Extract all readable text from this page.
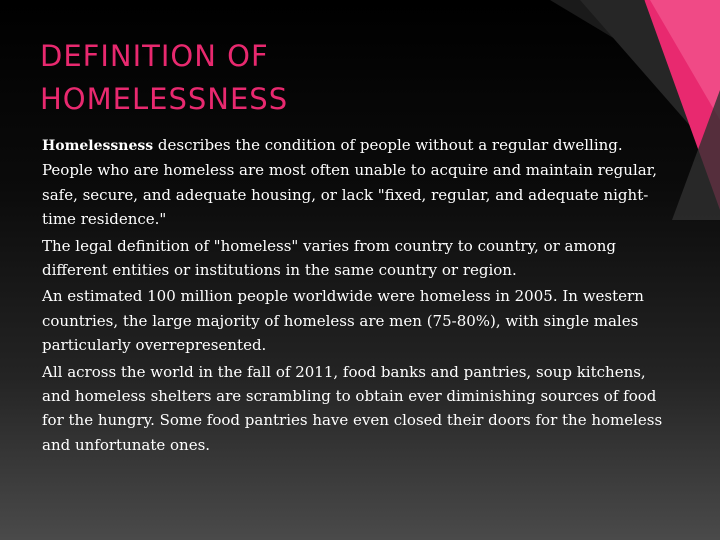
DEFINITION OF HOMELESSNESS
Homelessness describes the condition of people without a regular dwelling. People who are homeless are most often unable to acquire and maintain regular, safe, secure, and adequate housing, or lack "fixed, regular, and adequate night-time residence."
The legal definition of "homeless" varies from country to country, or among different entities or institutions in the same country or region.
An estimated 100 million people worldwide were homeless in 2005. In western countries, the large majority of homeless are men (75-80%), with single males particularly overrepresented.
All across the world in the fall of 2011, food banks and pantries, soup kitchens, and homeless shelters are scrambling to obtain ever diminishing sources of food for the hungry. Some food pantries have even closed their doors for the homeless and unfortunate ones.
